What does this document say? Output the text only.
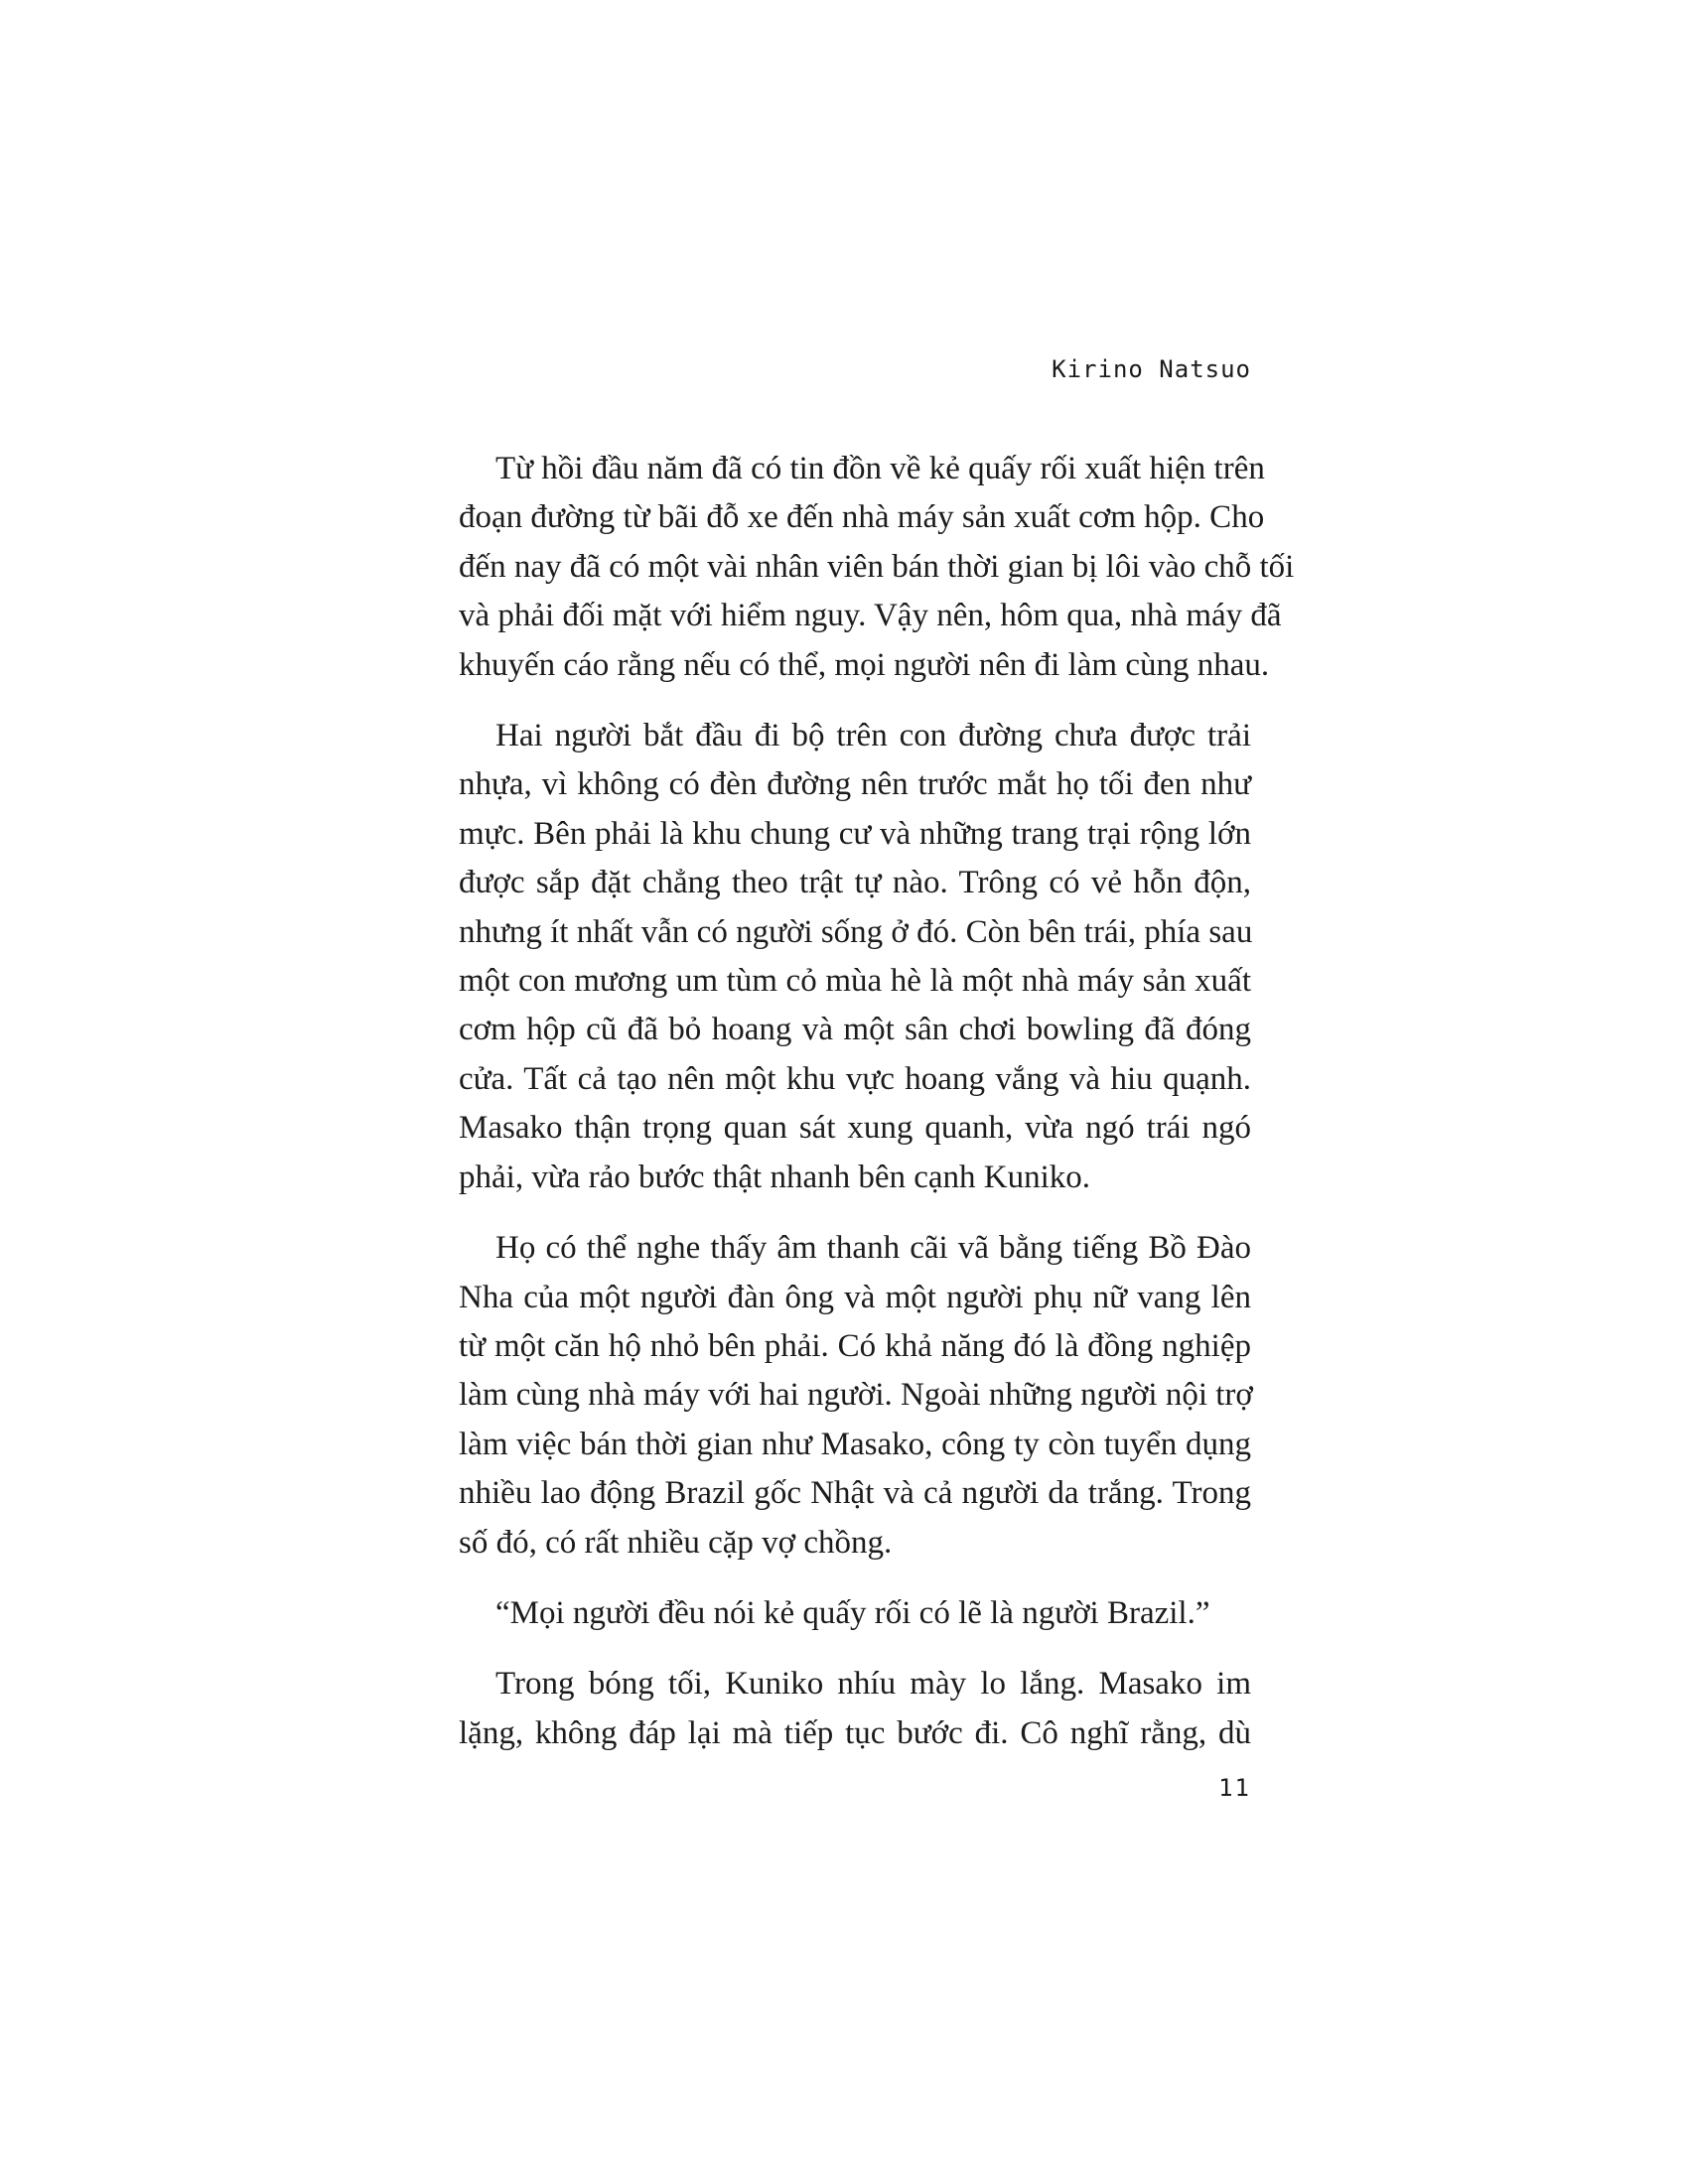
Kirino Natsuo
Từ hồi đầu năm đã có tin đồn về kẻ quấy rối xuất hiện trên
đoạn đường từ bãi đỗ xe đến nhà máy sản xuất cơm hộp. Cho
đến nay đã có một vài nhân viên bán thời gian bị lôi vào chỗ tối
và phải đối mặt với hiểm nguy. Vậy nên, hôm qua, nhà máy đã
khuyến cáo rằng nếu có thể, mọi người nên đi làm cùng nhau.
Hai người bắt đầu đi bộ trên con đường chưa được trải
nhựa, vì không có đèn đường nên trước mắt họ tối đen như
mực. Bên phải là khu chung cư và những trang trại rộng lớn
được sắp đặt chẳng theo trật tự nào. Trông có vẻ hỗn độn,
nhưng ít nhất vẫn có người sống ở đó. Còn bên trái, phía sau
một con mương um tùm cỏ mùa hè là một nhà máy sản xuất
cơm hộp cũ đã bỏ hoang và một sân chơi bowling đã đóng
cửa. Tất cả tạo nên một khu vực hoang vắng và hiu quạnh.
Masako thận trọng quan sát xung quanh, vừa ngó trái ngó
phải, vừa rảo bước thật nhanh bên cạnh Kuniko.
Họ có thể nghe thấy âm thanh cãi vã bằng tiếng Bồ Đào
Nha của một người đàn ông và một người phụ nữ vang lên
từ một căn hộ nhỏ bên phải. Có khả năng đó là đồng nghiệp
làm cùng nhà máy với hai người. Ngoài những người nội trợ
làm việc bán thời gian như Masako, công ty còn tuyển dụng
nhiều lao động Brazil gốc Nhật và cả người da trắng. Trong
số đó, có rất nhiều cặp vợ chồng.
“Mọi người đều nói kẻ quấy rối có lẽ là người Brazil.”
Trong bóng tối, Kuniko nhíu mày lo lắng. Masako im
lặng, không đáp lại mà tiếp tục bước đi. Cô nghĩ rằng, dù
11
